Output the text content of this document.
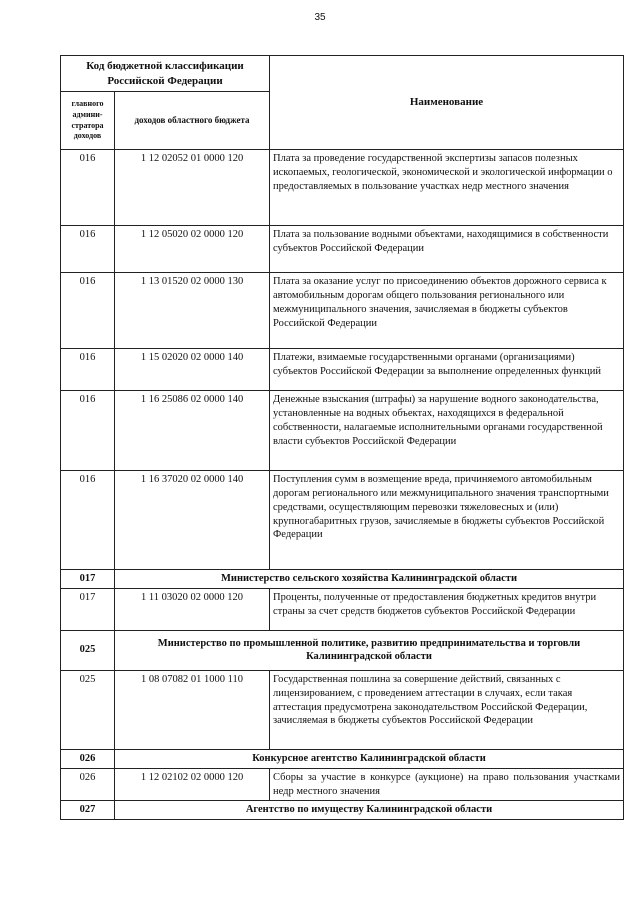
35
Код бюджетной классификации Российской Федерации		Наименование
главного админи-стратора доходов	доходов областного бюджета	
016	1 12 02052 01 0000 120	Плата за проведение государственной экспертизы запасов полезных ископаемых, геологической, экономической и экологической информации о предоставляемых в пользование участках недр местного значения
016	1 12 05020 02 0000 120	Плата за пользование водными объектами, находящимися в собственности субъектов Российской Федерации
016	1 13 01520 02 0000 130	Плата за оказание услуг по присоединению объектов дорожного сервиса к автомобильным дорогам общего пользования регионального или межмуниципального значения, зачисляемая в бюджеты субъектов Российской Федерации
016	1 15 02020 02 0000 140	Платежи, взимаемые государственными органами (организациями) субъектов Российской Федерации за выполнение определенных функций
016	1 16 25086 02 0000 140	Денежные взыскания (штрафы) за нарушение водного законодательства, установленные на водных объектах, находящихся в федеральной собственности, налагаемые исполнительными органами государственной власти субъектов Российской Федерации
016	1 16 37020 02 0000 140	Поступления сумм в возмещение вреда, причиняемого автомобильным дорогам регионального или межмуниципального значения транспортными средствами, осуществляющим перевозки тяжеловесных и (или) крупногабаритных грузов, зачисляемые в бюджеты субъектов Российской Федерации
017	Министерство сельского хозяйства Калининградской области	
017	1 11 03020 02 0000 120	Проценты, полученные от предоставления бюджетных кредитов внутри страны за счет средств бюджетов субъектов Российской Федерации
025	Министерство по промышленной политике, развитию предпринимательства и торговли Калининградской области	
025	1 08 07082 01 1000 110	Государственная пошлина за совершение действий, связанных с лицензированием, с проведением аттестации в случаях, если такая аттестация предусмотрена законодательством Российской Федерации, зачисляемая в бюджеты субъектов Российской Федерации
026	Конкурсное агентство Калининградской области	
026	1 12 02102 02 0000 120	Сборы за участие в конкурсе (аукционе) на право пользования участками недр местного значения
027	Агентство по имуществу Калининградской области	
